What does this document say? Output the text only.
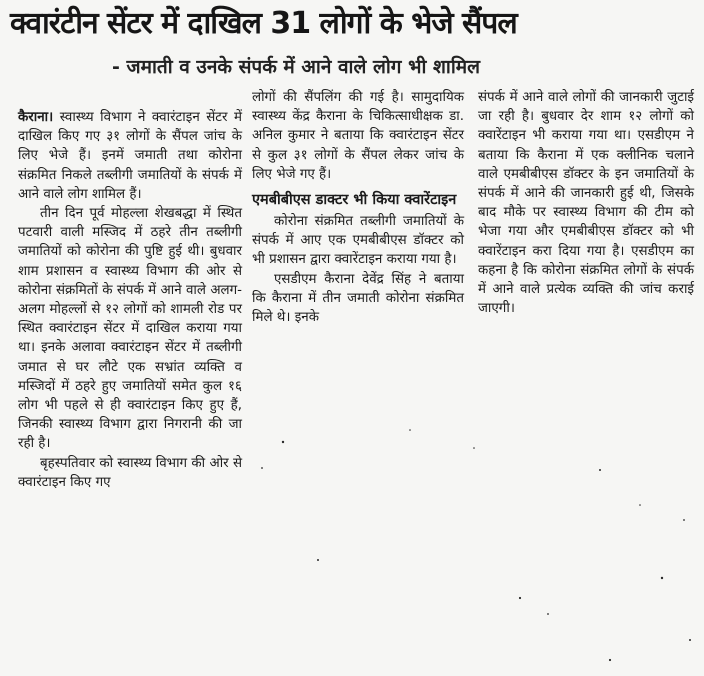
क्वारंटीन सेंटर में दाखिल 31 लोगों के भेजे सैंपल
- जमाती व उनके संपर्क में आने वाले लोग भी शामिल

कैराना। स्वास्थ्य विभाग ने क्वारंटाइन सेंटर में दाखिल किए गए ३१ लोगों के सैंपल जांच के लिए भेजे हैं। इनमें जमाती तथा कोरोना संक्रमित निकले तब्लीगी जमातियों के संपर्क में आने वाले लोग शामिल हैं।

तीन दिन पूर्व मोहल्ला शेखबद्धा में स्थित पटवारी वाली मस्जिद में ठहरे तीन तब्लीगी जमातियों को कोरोना की पुष्टि हुई थी। बुधवार शाम प्रशासन व स्वास्थ्य विभाग की ओर से कोरोना संक्रमितों के संपर्क में आने वाले अलग-अलग मोहल्लों से १२ लोगों को शामली रोड पर स्थित क्वारंटाइन सेंटर में दाखिल कराया गया था। इनके अलावा क्वारंटाइन सेंटर में तब्लीगी जमात से घर लौटे एक सभ्रांत व्यक्ति व मस्जिदों में ठहरे हुए जमातियों समेत कुल १६ लोग भी पहले से ही क्वारंटाइन किए हुए हैं, जिनकी स्वास्थ्य विभाग द्वारा निगरानी की जा रही है।

बृहस्पतिवार को स्वास्थ्य विभाग की ओर से क्वारंटाइन किए गए

लोगों की सैंपलिंग की गई है। सामुदायिक स्वास्थ्य केंद्र कैराना के चिकित्साधीक्षक डा. अनिल कुमार ने बताया कि क्वारंटाइन सेंटर से कुल ३१ लोगों के सैंपल लेकर जांच के लिए भेजे गए हैं।

एमबीबीएस डाक्टर भी किया क्वारेंटाइन

कोरोना संक्रमित तब्लीगी जमातियों के संपर्क में आए एक एमबीबीएस डॉक्टर को भी प्रशासन द्वारा क्वारेंटाइन कराया गया है।

एसडीएम कैराना देवेंद्र सिंह ने बताया कि कैराना में तीन जमाती कोरोना संक्रमित मिले थे। इनके

संपर्क में आने वाले लोगों की जानकारी जुटाई जा रही है। बुधवार देर शाम १२ लोगों को क्वारेंटाइन भी कराया गया था। एसडीएम ने बताया कि कैराना में एक क्लीनिक चलाने वाले एमबीबीएस डॉक्टर के इन जमातियों के संपर्क में आने की जानकारी हुई थी, जिसके बाद मौके पर स्वास्थ्य विभाग की टीम को भेजा गया और एमबीबीएस डॉक्टर को भी क्वारेंटाइन करा दिया गया है। एसडीएम का कहना है कि कोरोना संक्रमित लोगों के संपर्क में आने वाले प्रत्येक व्यक्ति की जांच कराई जाएगी।
